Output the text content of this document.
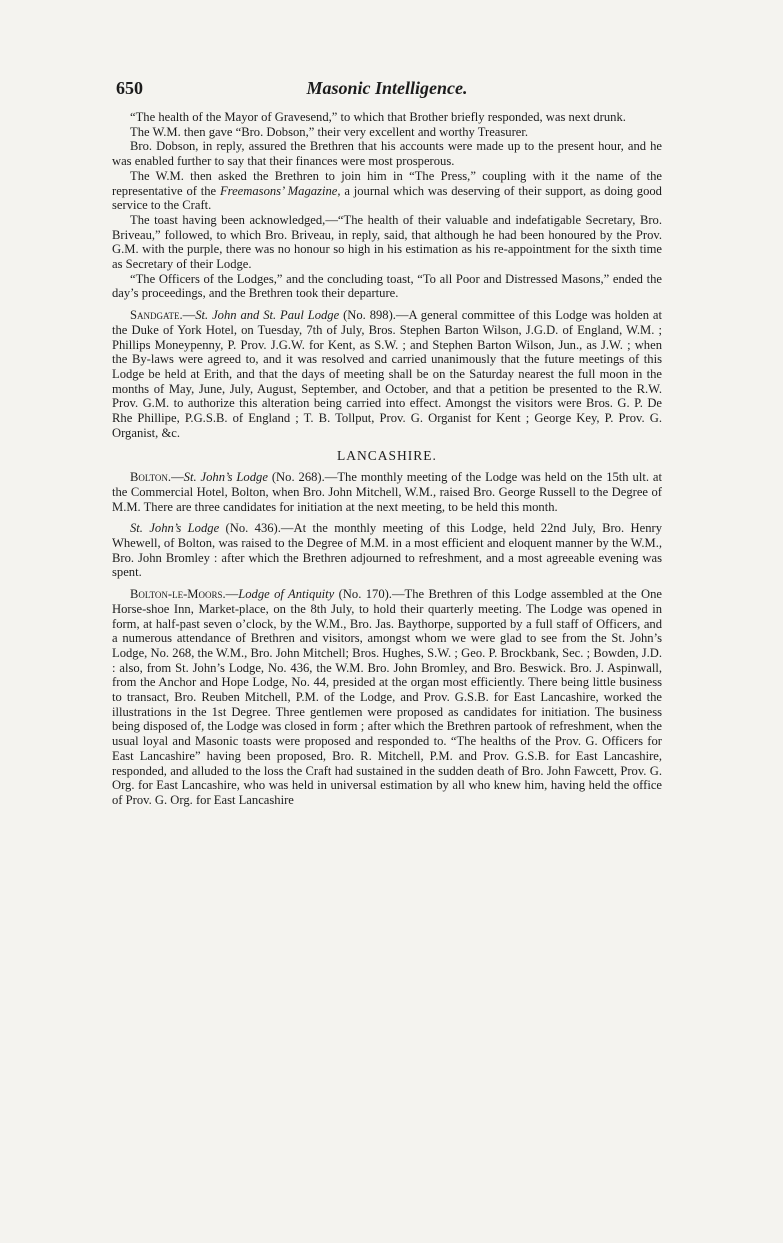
650	Masonic Intelligence.

“The health of the Mayor of Gravesend,” to which that Brother briefly responded, was next drunk.

The W.M. then gave “Bro. Dobson,” their very excellent and worthy Treasurer.

Bro. Dobson, in reply, assured the Brethren that his accounts were made up to the present hour, and he was enabled further to say that their finances were most prosperous.

The W.M. then asked the Brethren to join him in “The Press,” coupling with it the name of the representative of the Freemasons’ Magazine, a journal which was deserving of their support, as doing good service to the Craft.

The toast having been acknowledged,—“The health of their valuable and indefatigable Secretary, Bro. Briveau,” followed, to which Bro. Briveau, in reply, said, that although he had been honoured by the Prov. G.M. with the purple, there was no honour so high in his estimation as his re-appointment for the sixth time as Secretary of their Lodge.

“The Officers of the Lodges,” and the concluding toast, “To all Poor and Distressed Masons,” ended the day’s proceedings, and the Brethren took their departure.

Sandgate.—St. John and St. Paul Lodge (No. 898).—A general committee of this Lodge was holden at the Duke of York Hotel, on Tuesday, 7th of July, Bros. Stephen Barton Wilson, J.G.D. of England, W.M. ; Phillips Moneypenny, P. Prov. J.G.W. for Kent, as S.W. ; and Stephen Barton Wilson, Jun., as J.W. ; when the By-laws were agreed to, and it was resolved and carried unanimously that the future meetings of this Lodge be held at Erith, and that the days of meeting shall be on the Saturday nearest the full moon in the months of May, June, July, August, September, and October, and that a petition be presented to the R.W. Prov. G.M. to authorize this alteration being carried into effect. Amongst the visitors were Bros. G. P. De Rhe Phillipe, P.G.S.B. of England ; T. B. Tollput, Prov. G. Organist for Kent ; George Key, P. Prov. G. Organist, &c.

LANCASHIRE.

Bolton.—St. John’s Lodge (No. 268).—The monthly meeting of the Lodge was held on the 15th ult. at the Commercial Hotel, Bolton, when Bro. John Mitchell, W.M., raised Bro. George Russell to the Degree of M.M. There are three candidates for initiation at the next meeting, to be held this month.

St. John’s Lodge (No. 436).—At the monthly meeting of this Lodge, held 22nd July, Bro. Henry Whewell, of Bolton, was raised to the Degree of M.M. in a most efficient and eloquent manner by the W.M., Bro. John Bromley : after which the Brethren adjourned to refreshment, and a most agreeable evening was spent.

Bolton-le-Moors.—Lodge of Antiquity (No. 170).—The Brethren of this Lodge assembled at the One Horse-shoe Inn, Market-place, on the 8th July, to hold their quarterly meeting. The Lodge was opened in form, at half-past seven o’clock, by the W.M., Bro. Jas. Baythorpe, supported by a full staff of Officers, and a numerous attendance of Brethren and visitors, amongst whom we were glad to see from the St. John’s Lodge, No. 268, the W.M., Bro. John Mitchell; Bros. Hughes, S.W. ; Geo. P. Brockbank, Sec. ; Bowden, J.D. : also, from St. John’s Lodge, No. 436, the W.M. Bro. John Bromley, and Bro. Beswick. Bro. J. Aspinwall, from the Anchor and Hope Lodge, No. 44, presided at the organ most efficiently. There being little business to transact, Bro. Reuben Mitchell, P.M. of the Lodge, and Prov. G.S.B. for East Lancashire, worked the illustrations in the 1st Degree. Three gentlemen were proposed as candidates for initiation. The business being disposed of, the Lodge was closed in form ; after which the Brethren partook of refreshment, when the usual loyal and Masonic toasts were proposed and responded to. “The healths of the Prov. G. Officers for East Lancashire” having been proposed, Bro. R. Mitchell, P.M. and Prov. G.S.B. for East Lancashire, responded, and alluded to the loss the Craft had sustained in the sudden death of Bro. John Fawcett, Prov. G. Org. for East Lancashire, who was held in universal estimation by all who knew him, having held the office of Prov. G. Org. for East Lancashire
